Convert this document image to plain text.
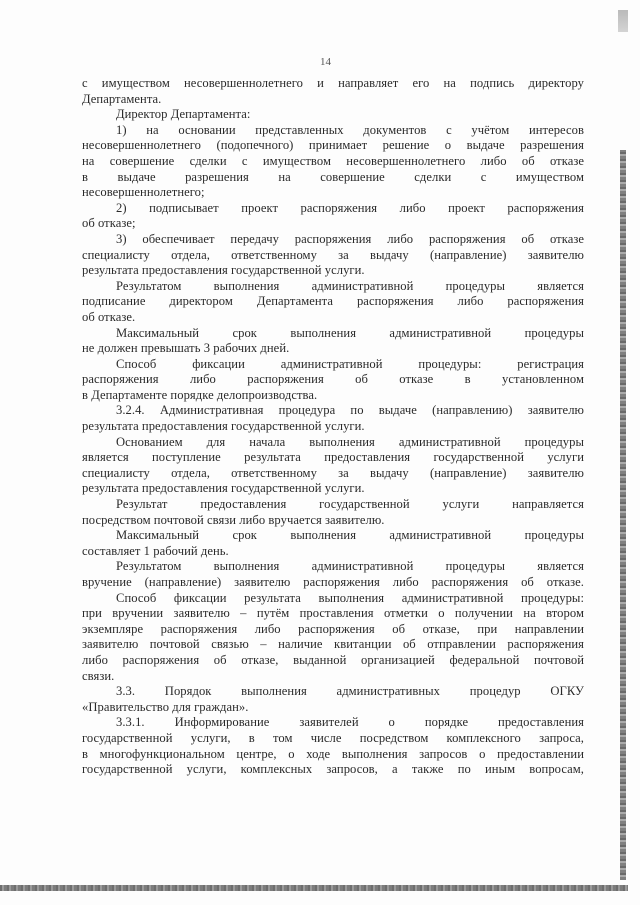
14
с имуществом несовершеннолетнего и направляет его на подпись директору
Департамента.
Директор Департамента:
1) на основании представленных документов с учётом интересов
несовершеннолетнего (подопечного) принимает решение о выдаче разрешения
на совершение сделки с имуществом несовершеннолетнего либо об отказе
в выдаче разрешения на совершение сделки с имуществом
несовершеннолетнего;
2) подписывает проект распоряжения либо проект распоряжения
об отказе;
3) обеспечивает передачу распоряжения либо распоряжения об отказе
специалисту отдела, ответственному за выдачу (направление) заявителю
результата предоставления государственной услуги.
Результатом выполнения административной процедуры является
подписание директором Департамента распоряжения либо распоряжения
об отказе.
Максимальный срок выполнения административной процедуры
не должен превышать 3 рабочих дней.
Способ фиксации административной процедуры: регистрация
распоряжения либо распоряжения об отказе в установленном
в Департаменте порядке делопроизводства.
3.2.4. Административная процедура по выдаче (направлению) заявителю
результата предоставления государственной услуги.
Основанием для начала выполнения административной процедуры
является поступление результата предоставления государственной услуги
специалисту отдела, ответственному за выдачу (направление) заявителю
результата предоставления государственной услуги.
Результат предоставления государственной услуги направляется
посредством почтовой связи либо вручается заявителю.
Максимальный срок выполнения административной процедуры
составляет 1 рабочий день.
Результатом выполнения административной процедуры является
вручение (направление) заявителю распоряжения либо распоряжения об отказе.
Способ фиксации результата выполнения административной процедуры:
при вручении заявителю – путём проставления отметки о получении на втором
экземпляре распоряжения либо распоряжения об отказе, при направлении
заявителю почтовой связью – наличие квитанции об отправлении распоряжения
либо распоряжения об отказе, выданной организацией федеральной почтовой
связи.
3.3. Порядок выполнения административных процедур ОГКУ
«Правительство для граждан».
3.3.1. Информирование заявителей о порядке предоставления
государственной услуги, в том числе посредством комплексного запроса,
в многофункциональном центре, о ходе выполнения запросов о предоставлении
государственной услуги, комплексных запросов, а также по иным вопросам,
